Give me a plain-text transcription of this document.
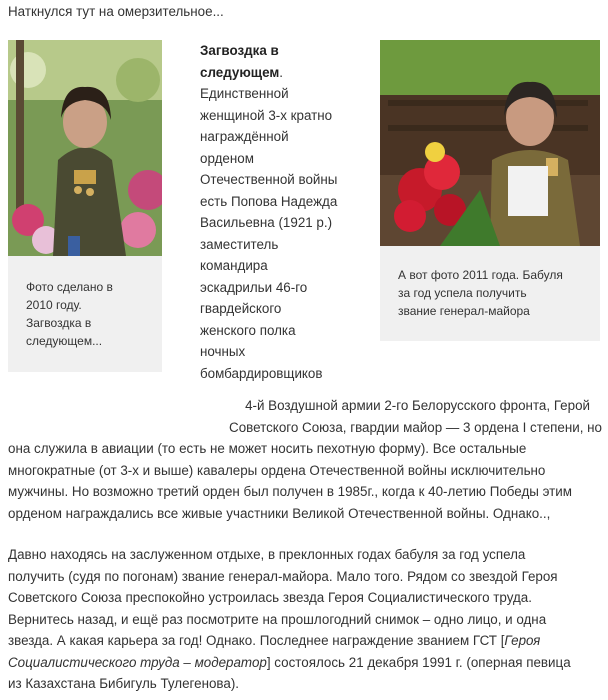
Наткнулся тут на омерзительное...
Фото сделано в
2010 году.
Загвоздка в
следующем...
А вот фото 2011 года. Бабуля
за год успела получить
звание генерал-майора
Загвоздка в
следующем.
Единственной
женщиной 3-х кратно
награждённой
орденом
Отечественной войны
есть Попова Надежда
Васильевна (1921 р.)
заместитель
командира
эскадрильи 46-го
гвардейского
женского полка
ночных
бомбардировщиков
4-й Воздушной армии 2-го Белорусского фронта, Герой
Советского Союза, гвардии майор — 3 ордена I степени, но
она служила в авиации (то есть не может носить пехотную форму). Все остальные
многократные (от 3-х и выше) кавалеры ордена Отечественной войны исключительно
мужчины. Но возможно третий орден был получен в 1985г., когда к 40-летию Победы этим
орденом награждались все живые участники Великой Отечественной войны. Однако..,
Давно находясь на заслуженном отдыхе, в преклонных годах бабуля за год успела
получить (судя по погонам) звание генерал-майора. Мало того. Рядом со звездой Героя
Советского Союза преспокойно устроилась звезда Героя Социалистического труда.
Вернитесь назад, и ещё раз посмотрите на прошлогодний снимок – одно лицо, и одна
звезда. А какая карьера за год! Однако. Последнее награждение званием ГСТ [Героя
Социалистического труда – модератор] состоялось 21 декабря 1991 г. (оперная певица
из Казахстана Бибигуль Тулегенова).
